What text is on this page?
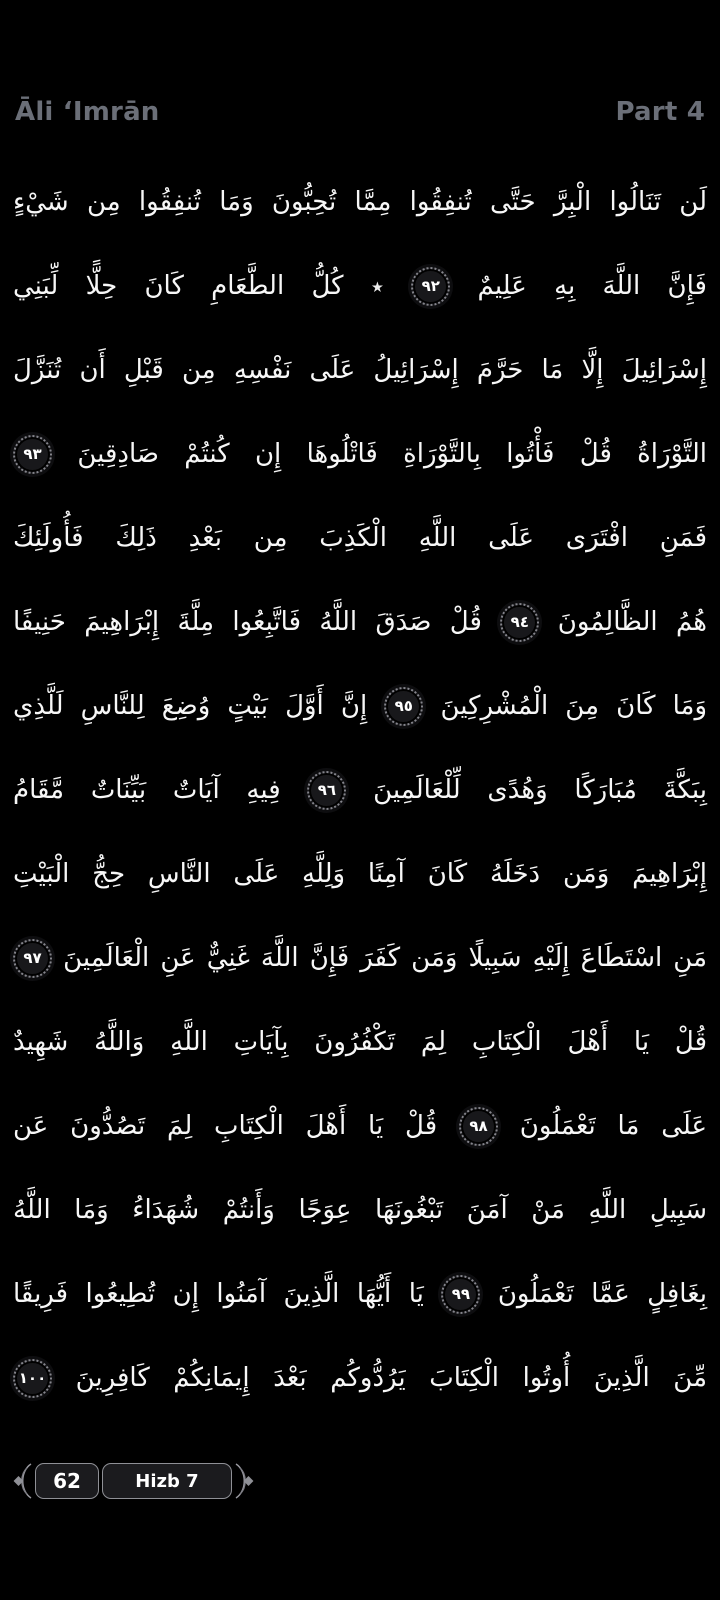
Āli ‘Imrān	Part 4
لَن تَنَالُوا الْبِرَّ حَتَّى تُنفِقُوا مِمَّا تُحِبُّونَ وَمَا تُنفِقُوا مِن شَيْءٍ
فَإِنَّ اللَّهَ بِهِ عَلِيمٌ ٩٢ ٭ كُلُّ الطَّعَامِ كَانَ حِلًّا لِّبَنِي
إِسْرَائِيلَ إِلَّا مَا حَرَّمَ إِسْرَائِيلُ عَلَى نَفْسِهِ مِن قَبْلِ أَن تُنَزَّلَ
التَّوْرَاةُ قُلْ فَأْتُوا بِالتَّوْرَاةِ فَاتْلُوهَا إِن كُنتُمْ صَادِقِينَ ٩٣
فَمَنِ افْتَرَى عَلَى اللَّهِ الْكَذِبَ مِن بَعْدِ ذَلِكَ فَأُولَئِكَ
هُمُ الظَّالِمُونَ ٩٤ قُلْ صَدَقَ اللَّهُ فَاتَّبِعُوا مِلَّةَ إِبْرَاهِيمَ حَنِيفًا
وَمَا كَانَ مِنَ الْمُشْرِكِينَ ٩٥ إِنَّ أَوَّلَ بَيْتٍ وُضِعَ لِلنَّاسِ لَلَّذِي
بِبَكَّةَ مُبَارَكًا وَهُدًى لِّلْعَالَمِينَ ٩٦ فِيهِ آيَاتٌ بَيِّنَاتٌ مَّقَامُ
إِبْرَاهِيمَ وَمَن دَخَلَهُ كَانَ آمِنًا وَلِلَّهِ عَلَى النَّاسِ حِجُّ الْبَيْتِ
مَنِ اسْتَطَاعَ إِلَيْهِ سَبِيلًا وَمَن كَفَرَ فَإِنَّ اللَّهَ غَنِيٌّ عَنِ الْعَالَمِينَ ٩٧
قُلْ يَا أَهْلَ الْكِتَابِ لِمَ تَكْفُرُونَ بِآيَاتِ اللَّهِ وَاللَّهُ شَهِيدٌ
عَلَى مَا تَعْمَلُونَ ٩٨ قُلْ يَا أَهْلَ الْكِتَابِ لِمَ تَصُدُّونَ عَن
سَبِيلِ اللَّهِ مَنْ آمَنَ تَبْغُونَهَا عِوَجًا وَأَنتُمْ شُهَدَاءُ وَمَا اللَّهُ
بِغَافِلٍ عَمَّا تَعْمَلُونَ ٩٩ يَا أَيُّهَا الَّذِينَ آمَنُوا إِن تُطِيعُوا فَرِيقًا
مِّنَ الَّذِينَ أُوتُوا الْكِتَابَ يَرُدُّوكُم بَعْدَ إِيمَانِكُمْ كَافِرِينَ ١٠٠
62	Hizb 7
